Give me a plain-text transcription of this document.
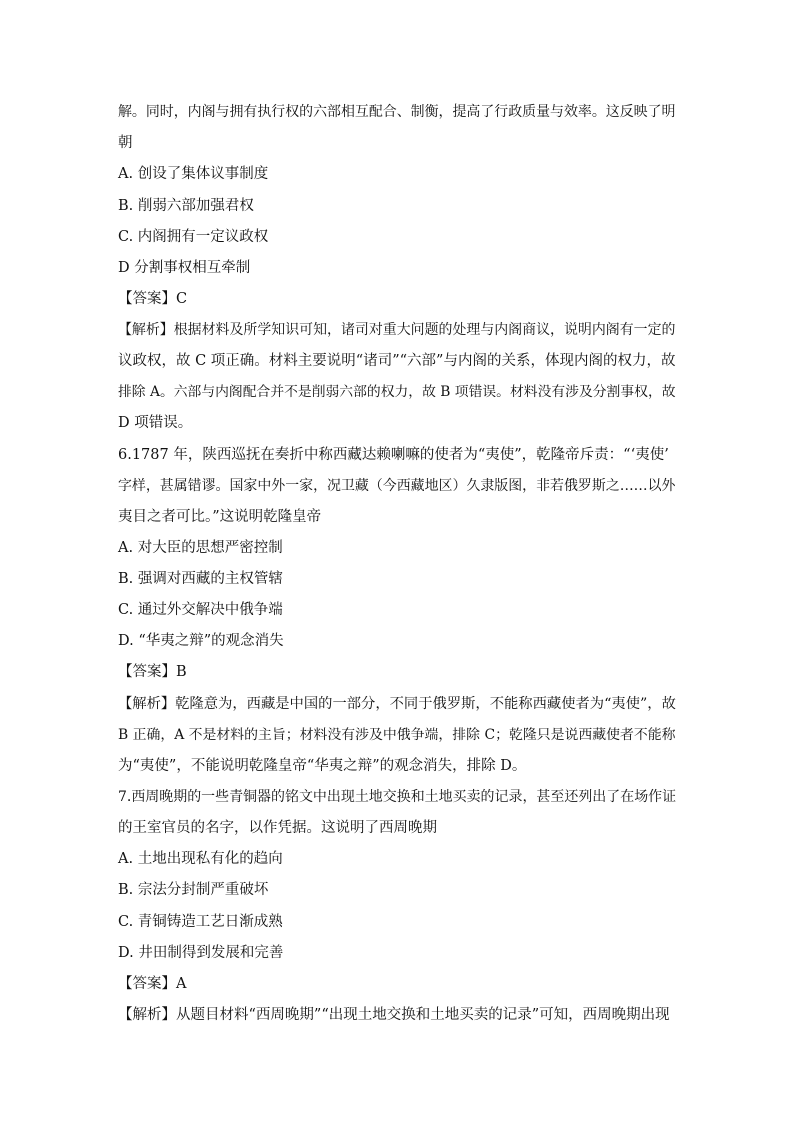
解。同时，内阁与拥有执行权的六部相互配合、制衡，提高了行政质量与效率。这反映了明
朝
A. 创设了集体议事制度
B. 削弱六部加强君权
C. 内阁拥有一定议政权
D 分割事权相互牵制
【答案】C
【解析】根据材料及所学知识可知，诸司对重大问题的处理与内阁商议，说明内阁有一定的
议政权，故 C 项正确。材料主要说明“诸司”“六部”与内阁的关系，体现内阁的权力，故
排除 A。六部与内阁配合并不是削弱六部的权力，故 B 项错误。材料没有涉及分割事权，故
D 项错误。
6.1787 年，陕西巡抚在奏折中称西藏达赖喇嘛的使者为“夷使”，乾隆帝斥责：“‘夷使’
字样，甚属错谬。国家中外一家，况卫藏（今西藏地区）久隶版图，非若俄罗斯之……以外
夷目之者可比。”这说明乾隆皇帝
A. 对大臣的思想严密控制
B. 强调对西藏的主权管辖
C. 通过外交解决中俄争端
D. “华夷之辩”的观念消失
【答案】B
【解析】乾隆意为，西藏是中国的一部分，不同于俄罗斯，不能称西藏使者为“夷使”，故
B 正确，A 不是材料的主旨；材料没有涉及中俄争端，排除 C；乾隆只是说西藏使者不能称
为“夷使”，不能说明乾隆皇帝“华夷之辩”的观念消失，排除 D。
7.西周晚期的一些青铜器的铭文中出现土地交换和土地买卖的记录，甚至还列出了在场作证
的王室官员的名字，以作凭据。这说明了西周晚期
A. 土地出现私有化的趋向
B. 宗法分封制严重破坏
C. 青铜铸造工艺日渐成熟
D. 井田制得到发展和完善
【答案】A
【解析】从题目材料“西周晚期”“出现土地交换和土地买卖的记录”可知，西周晚期出现
